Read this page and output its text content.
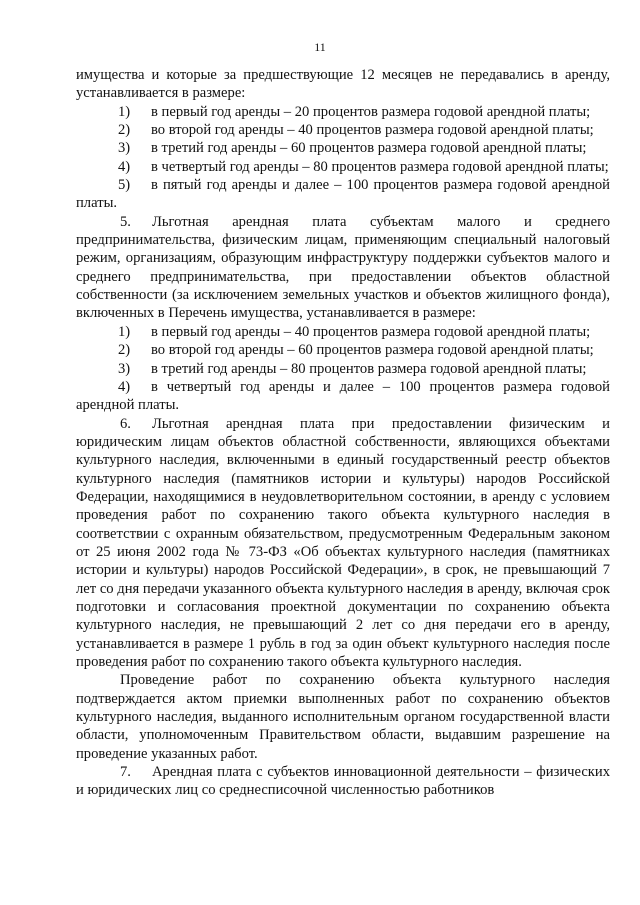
11

имущества и которые за предшествующие 12 месяцев не передавались в аренду, устанавливается в размере:

1) в первый год аренды – 20 процентов размера годовой арендной платы;

2) во второй год аренды – 40 процентов размера годовой арендной платы;

3) в третий год аренды – 60 процентов размера годовой арендной платы;

4) в четвертый год аренды – 80 процентов размера годовой арендной платы;

5) в пятый год аренды и далее – 100 процентов размера годовой арендной платы.

5. Льготная арендная плата субъектам малого и среднего предпринимательства, физическим лицам, применяющим специальный налоговый режим, организациям, образующим инфраструктуру поддержки субъектов малого и среднего предпринимательства, при предоставлении объектов областной собственности (за исключением земельных участков и объектов жилищного фонда), включенных в Перечень имущества, устанавливается в размере:

1) в первый год аренды – 40 процентов размера годовой арендной платы;

2) во второй год аренды – 60 процентов размера годовой арендной платы;

3) в третий год аренды – 80 процентов размера годовой арендной платы;

4) в четвертый год аренды и далее – 100 процентов размера годовой арендной платы.

6. Льготная арендная плата при предоставлении физическим и юридическим лицам объектов областной собственности, являющихся объектами культурного наследия, включенными в единый государственный реестр объектов культурного наследия (памятников истории и культуры) народов Российской Федерации, находящимися в неудовлетворительном состоянии, в аренду с условием проведения работ по сохранению такого объекта культурного наследия в соответствии с охранным обязательством, предусмотренным Федеральным законом от 25 июня 2002 года № 73-ФЗ «Об объектах культурного наследия (памятниках истории и культуры) народов Российской Федерации», в срок, не превышающий 7 лет со дня передачи указанного объекта культурного наследия в аренду, включая срок подготовки и согласования проектной документации по сохранению объекта культурного наследия, не превышающий 2 лет со дня передачи его в аренду, устанавливается в размере 1 рубль в год за один объект культурного наследия после проведения работ по сохранению такого объекта культурного наследия.

Проведение работ по сохранению объекта культурного наследия подтверждается актом приемки выполненных работ по сохранению объектов культурного наследия, выданного исполнительным органом государственной власти области, уполномоченным Правительством области, выдавшим разрешение на проведение указанных работ.

7. Арендная плата с субъектов инновационной деятельности – физических и юридических лиц со среднесписочной численностью работников
